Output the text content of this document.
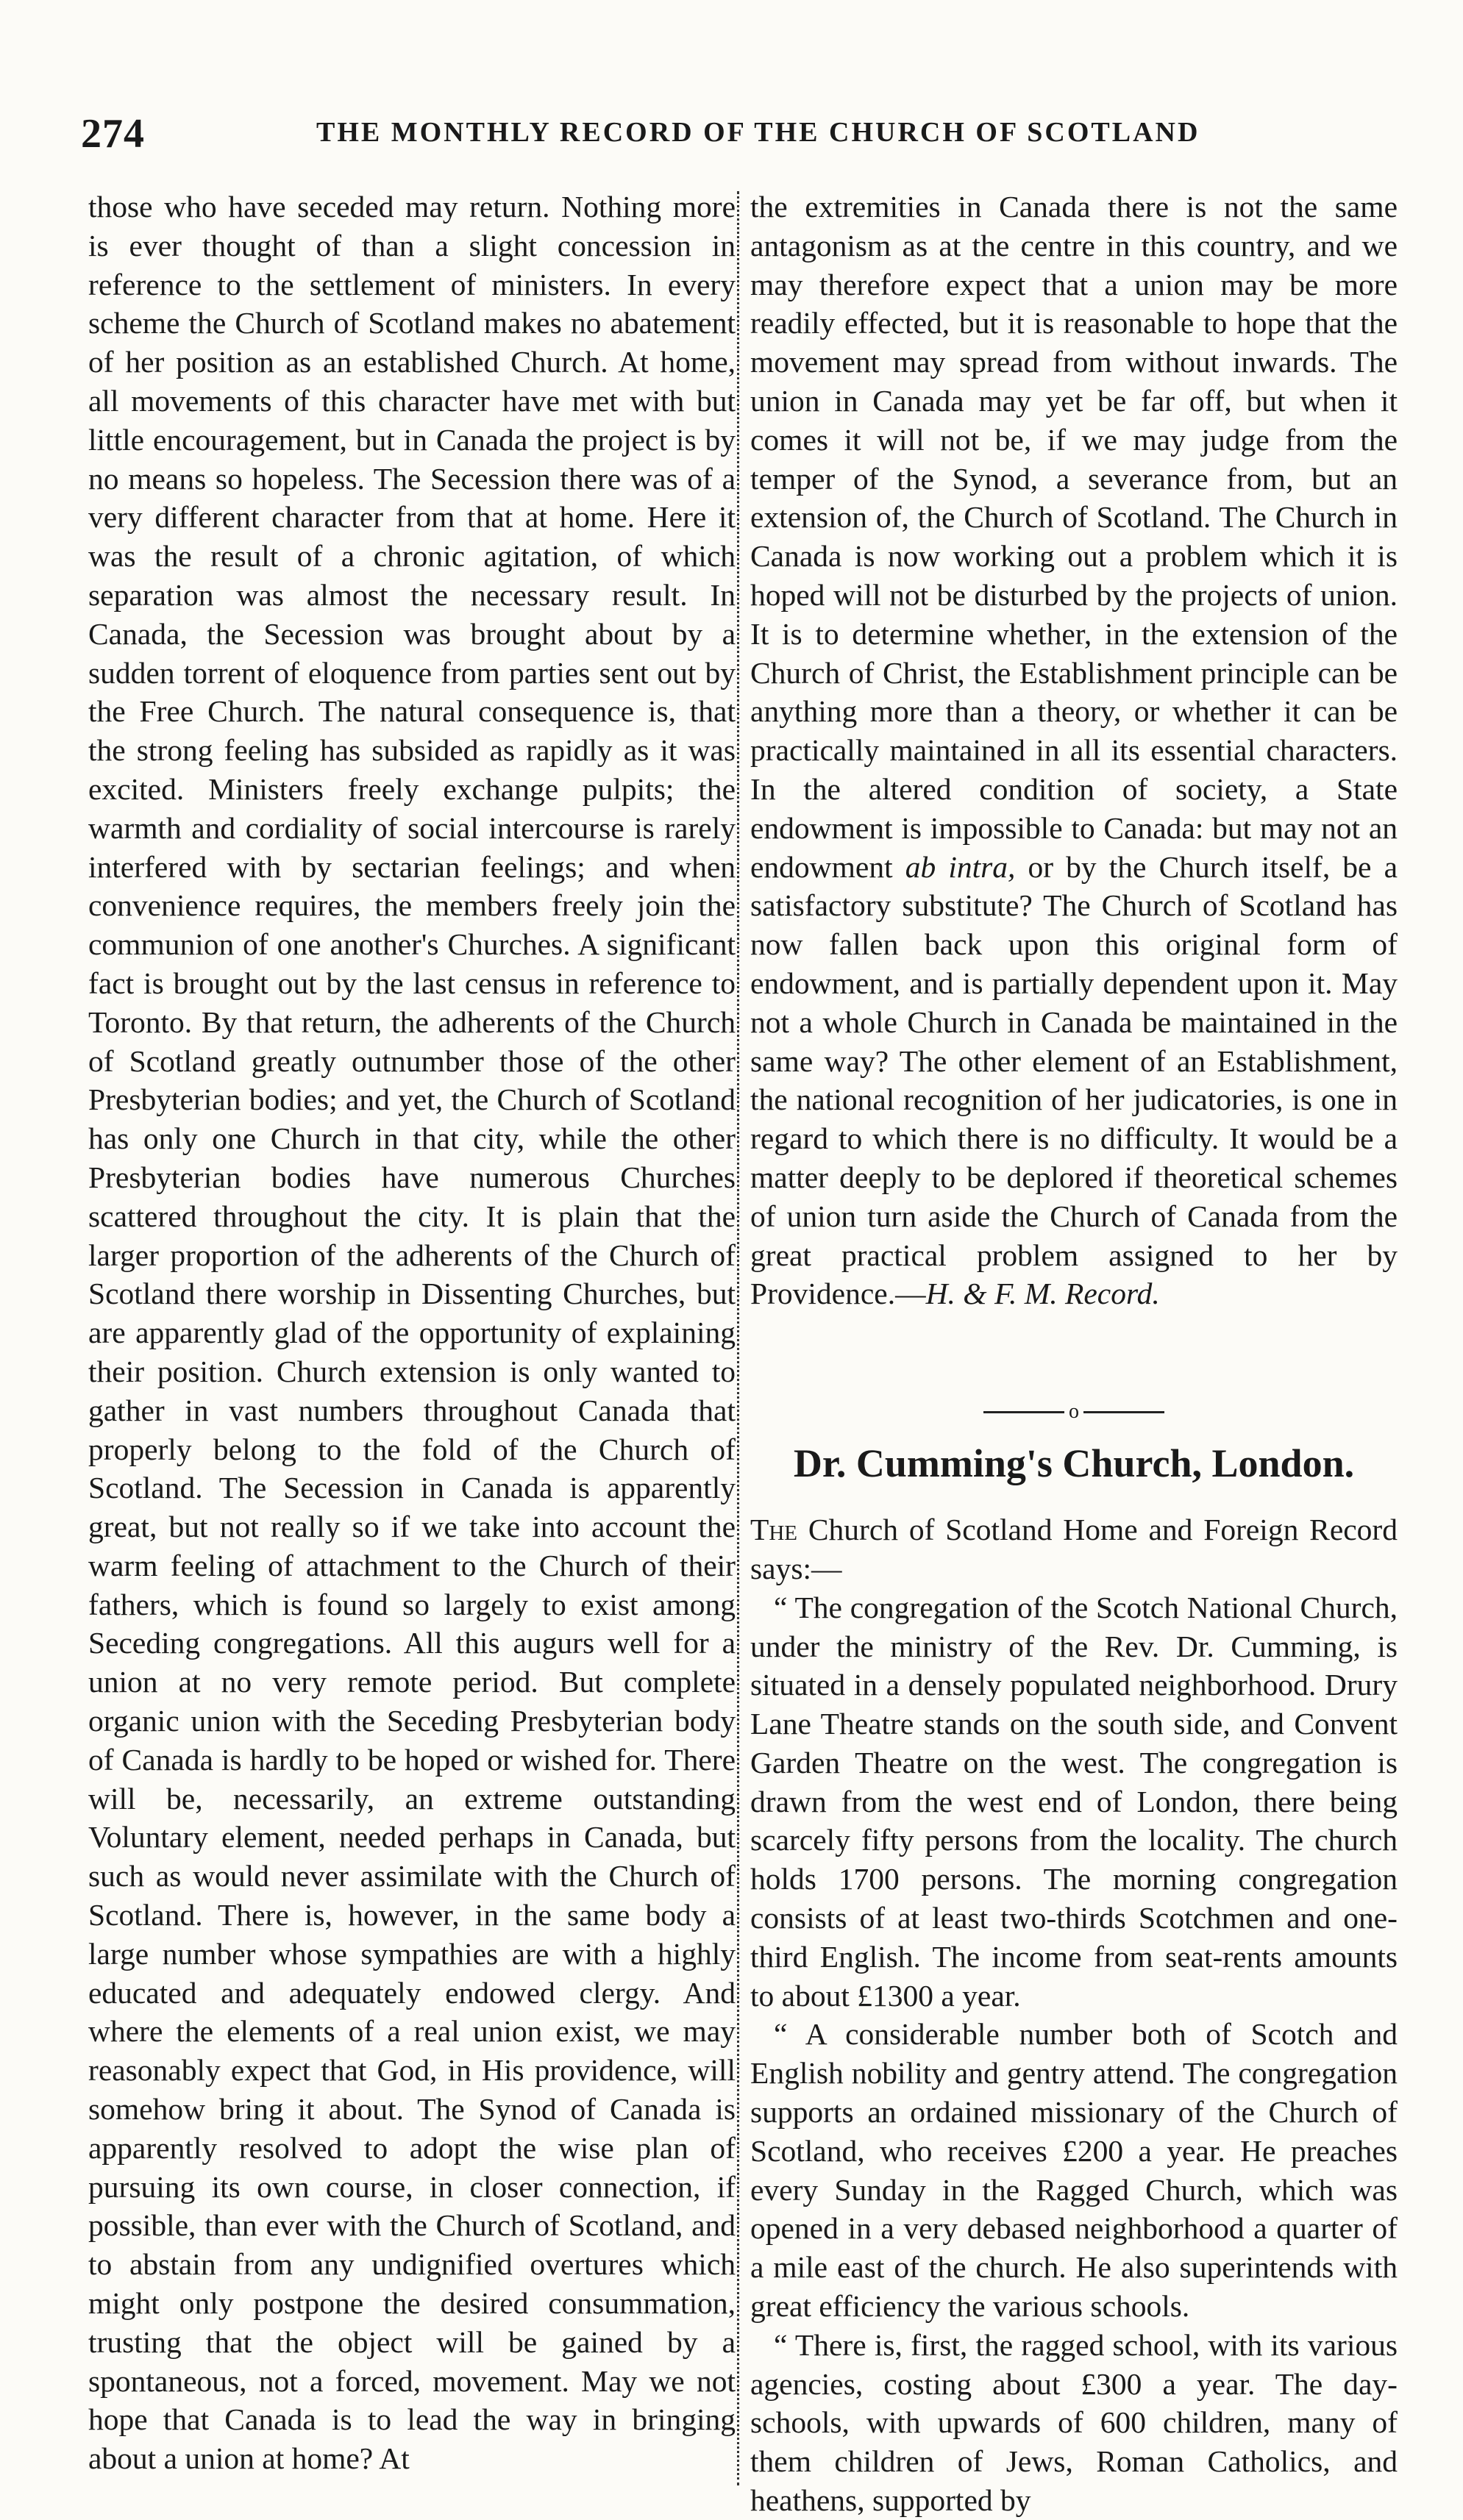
274	THE MONTHLY RECORD OF THE CHURCH OF SCOTLAND

those who have seceded may return. Nothing more is ever thought of than a slight concession in reference to the settlement of ministers. In every scheme the Church of Scotland makes no abatement of her position as an established Church. At home, all movements of this character have met with but little encouragement, but in Canada the project is by no means so hopeless. The Secession there was of a very different character from that at home. Here it was the result of a chronic agitation, of which separation was almost the necessary result. In Canada, the Secession was brought about by a sudden torrent of eloquence from parties sent out by the Free Church. The natural consequence is, that the strong feeling has subsided as rapidly as it was excited. Ministers freely exchange pulpits; the warmth and cordiality of social intercourse is rarely interfered with by sectarian feelings; and when convenience requires, the members freely join the communion of one another's Churches. A significant fact is brought out by the last census in reference to Toronto. By that return, the adherents of the Church of Scotland greatly outnumber those of the other Presbyterian bodies; and yet, the Church of Scotland has only one Church in that city, while the other Presbyterian bodies have numerous Churches scattered throughout the city. It is plain that the larger proportion of the adherents of the Church of Scotland there worship in Dissenting Churches, but are apparently glad of the opportunity of explaining their position. Church extension is only wanted to gather in vast numbers throughout Canada that properly belong to the fold of the Church of Scotland. The Secession in Canada is apparently great, but not really so if we take into account the warm feeling of attachment to the Church of their fathers, which is found so largely to exist among Seceding congregations. All this augurs well for a union at no very remote period. But complete organic union with the Seceding Presbyterian body of Canada is hardly to be hoped or wished for. There will be, necessarily, an extreme outstanding Voluntary element, needed perhaps in Canada, but such as would never assimilate with the Church of Scotland. There is, however, in the same body a large number whose sympathies are with a highly educated and adequately endowed clergy. And where the elements of a real union exist, we may reasonably expect that God, in His providence, will somehow bring it about. The Synod of Canada is apparently resolved to adopt the wise plan of pursuing its own course, in closer connection, if possible, than ever with the Church of Scotland, and to abstain from any undignified overtures which might only postpone the desired consummation, trusting that the object will be gained by a spontaneous, not a forced, movement. May we not hope that Canada is to lead the way in bringing about a union at home? At

the extremities in Canada there is not the same antagonism as at the centre in this country, and we may therefore expect that a union may be more readily effected, but it is reasonable to hope that the movement may spread from without inwards. The union in Canada may yet be far off, but when it comes it will not be, if we may judge from the temper of the Synod, a severance from, but an extension of, the Church of Scotland. The Church in Canada is now working out a problem which it is hoped will not be disturbed by the projects of union. It is to determine whether, in the extension of the Church of Christ, the Establishment principle can be anything more than a theory, or whether it can be practically maintained in all its essential characters. In the altered condition of society, a State endowment is impossible to Canada: but may not an endowment ab intra, or by the Church itself, be a satisfactory substitute? The Church of Scotland has now fallen back upon this original form of endowment, and is partially dependent upon it. May not a whole Church in Canada be maintained in the same way? The other element of an Establishment, the national recognition of her judicatories, is one in regard to which there is no difficulty. It would be a matter deeply to be deplored if theoretical schemes of union turn aside the Church of Canada from the great practical problem assigned to her by Providence.—H. & F. M. Record.

o
Dr. Cumming's Church, London.

The Church of Scotland Home and Foreign Record says:—

“ The congregation of the Scotch National Church, under the ministry of the Rev. Dr. Cumming, is situated in a densely populated neighborhood. Drury Lane Theatre stands on the south side, and Convent Garden Theatre on the west. The congregation is drawn from the west end of London, there being scarcely fifty persons from the locality. The church holds 1700 persons. The morning congregation consists of at least two-thirds Scotchmen and one-third English. The income from seat-rents amounts to about £1300 a year.

“ A considerable number both of Scotch and English nobility and gentry attend. The congregation supports an ordained missionary of the Church of Scotland, who receives £200 a year. He preaches every Sunday in the Ragged Church, which was opened in a very debased neighborhood a quarter of a mile east of the church. He also superintends with great efficiency the various schools.

“ There is, first, the ragged school, with its various agencies, costing about £300 a year. The day-schools, with upwards of 600 children, many of them children of Jews, Roman Catholics, and heathens, supported by
